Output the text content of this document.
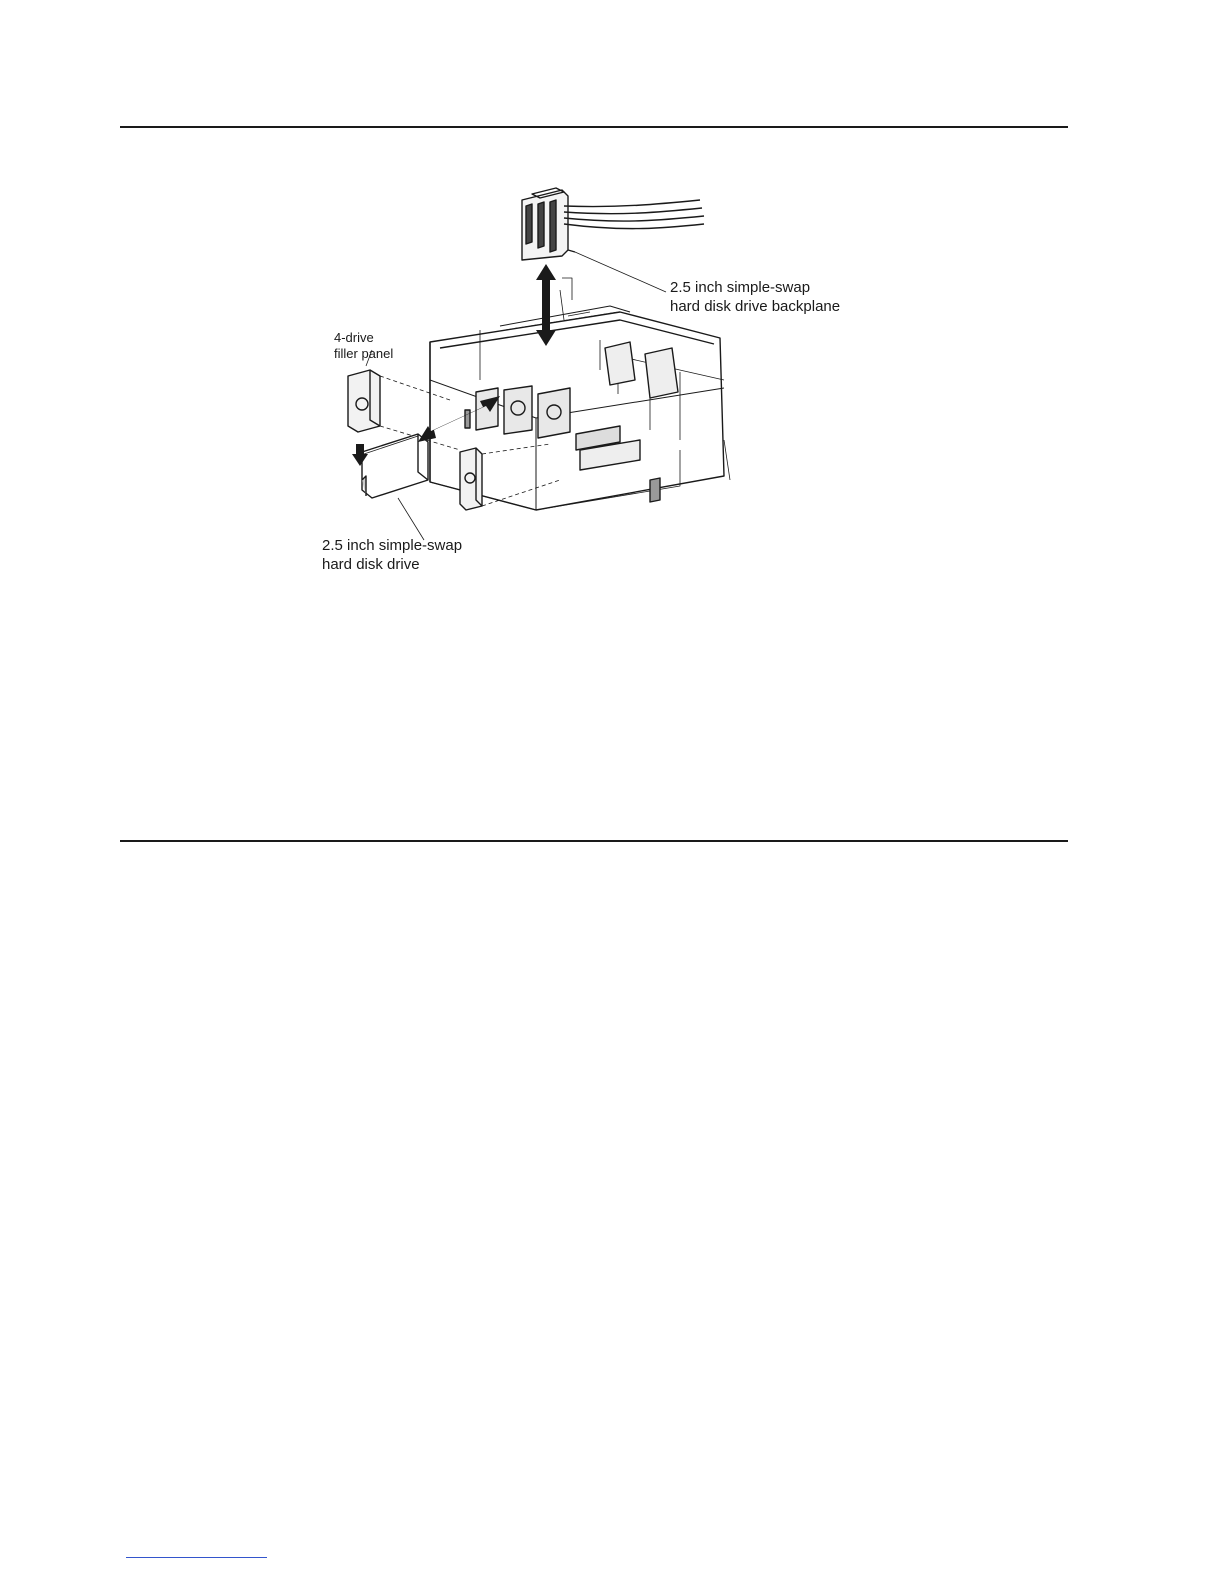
2.5 inch simple-swap
hard disk drive backplane
4-drive
filler panel
2.5 inch simple-swap
hard disk drive
